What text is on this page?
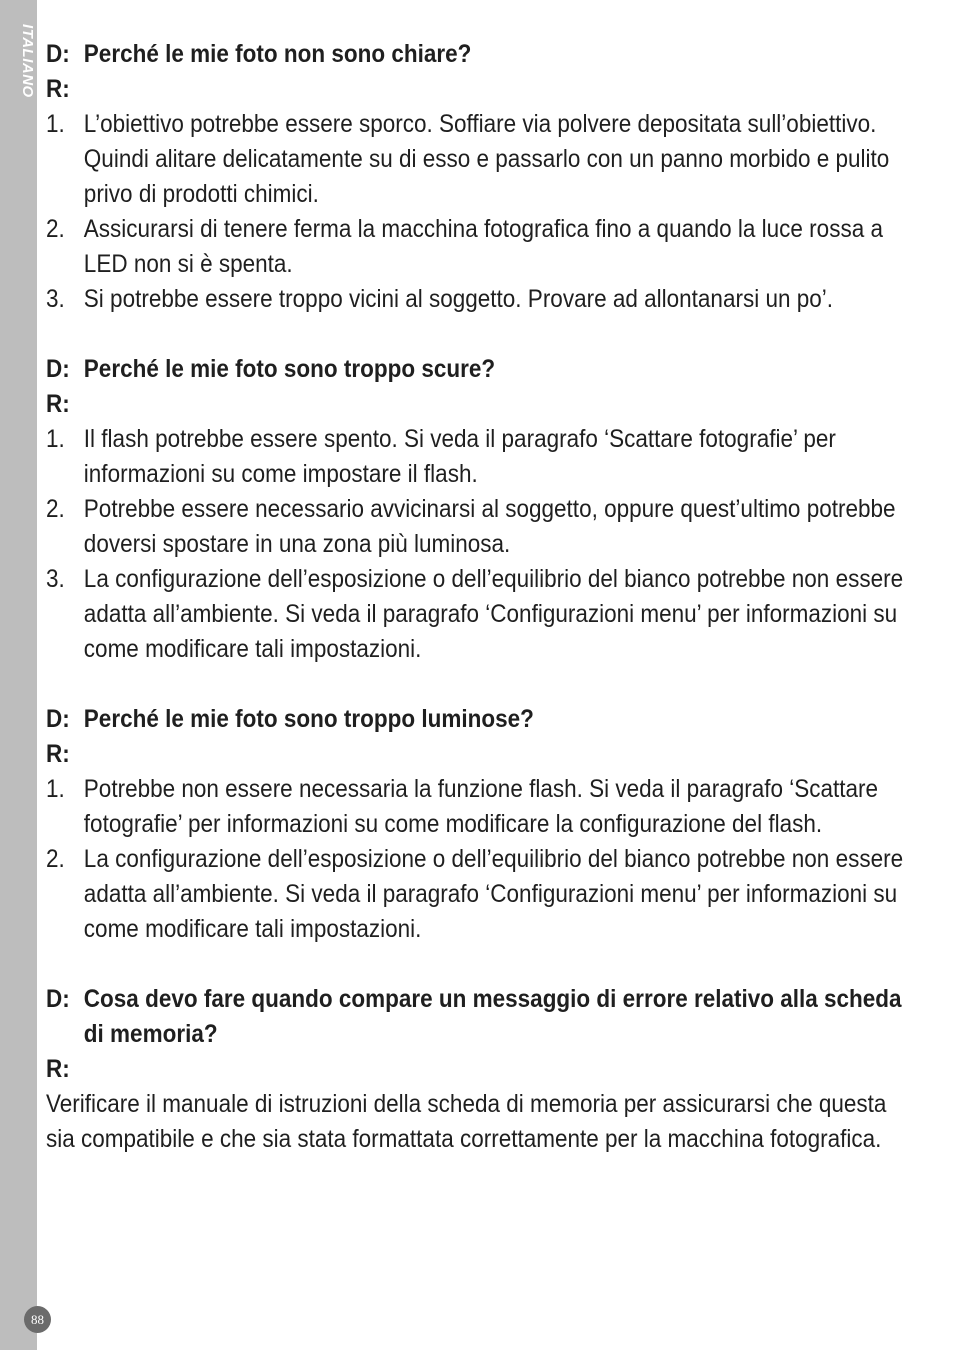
ITALIANO D: Perché le mie foto non sono chiare?
R:
1. L’obiettivo potrebbe essere sporco. Soffiare via polvere depositata sull’obiettivo. Quindi alitare delicatamente su di esso e passarlo con un panno morbido e pulito privo di prodotti chimici.
2. Assicurarsi di tenere ferma la macchina fotografica fino a quando la luce rossa a LED non si è spenta.
3. Si potrebbe essere troppo vicini al soggetto. Provare ad allontanarsi un po’.
D: Perché le mie foto sono troppo scure?
R:
1. Il flash potrebbe essere spento. Si veda il paragrafo ‘Scattare fotografie’ per informazioni su come impostare il flash.
2. Potrebbe essere necessario avvicinarsi al soggetto, oppure quest’ultimo potrebbe doversi spostare in una zona più luminosa.
3. La configurazione dell’esposizione o dell’equilibrio del bianco potrebbe non essere adatta all’ambiente. Si veda il paragrafo ‘Configurazioni menu’ per informazioni su come modificare tali impostazioni.
D: Perché le mie foto sono troppo luminose?
R:
1. Potrebbe non essere necessaria la funzione flash. Si veda il paragrafo ‘Scattare fotografie’ per informazioni su come modificare la configurazione del flash.
2. La configurazione dell’esposizione o dell’equilibrio del bianco potrebbe non essere adatta all’ambiente. Si veda il paragrafo ‘Configurazioni menu’ per informazioni su come modificare tali impostazioni.
D: Cosa devo fare quando compare un messaggio di errore relativo alla scheda di memoria?
R:
Verificare il manuale di istruzioni della scheda di memoria per assicurarsi che questa sia compatibile e che sia stata formattata correttamente per la macchina fotografica.
88
